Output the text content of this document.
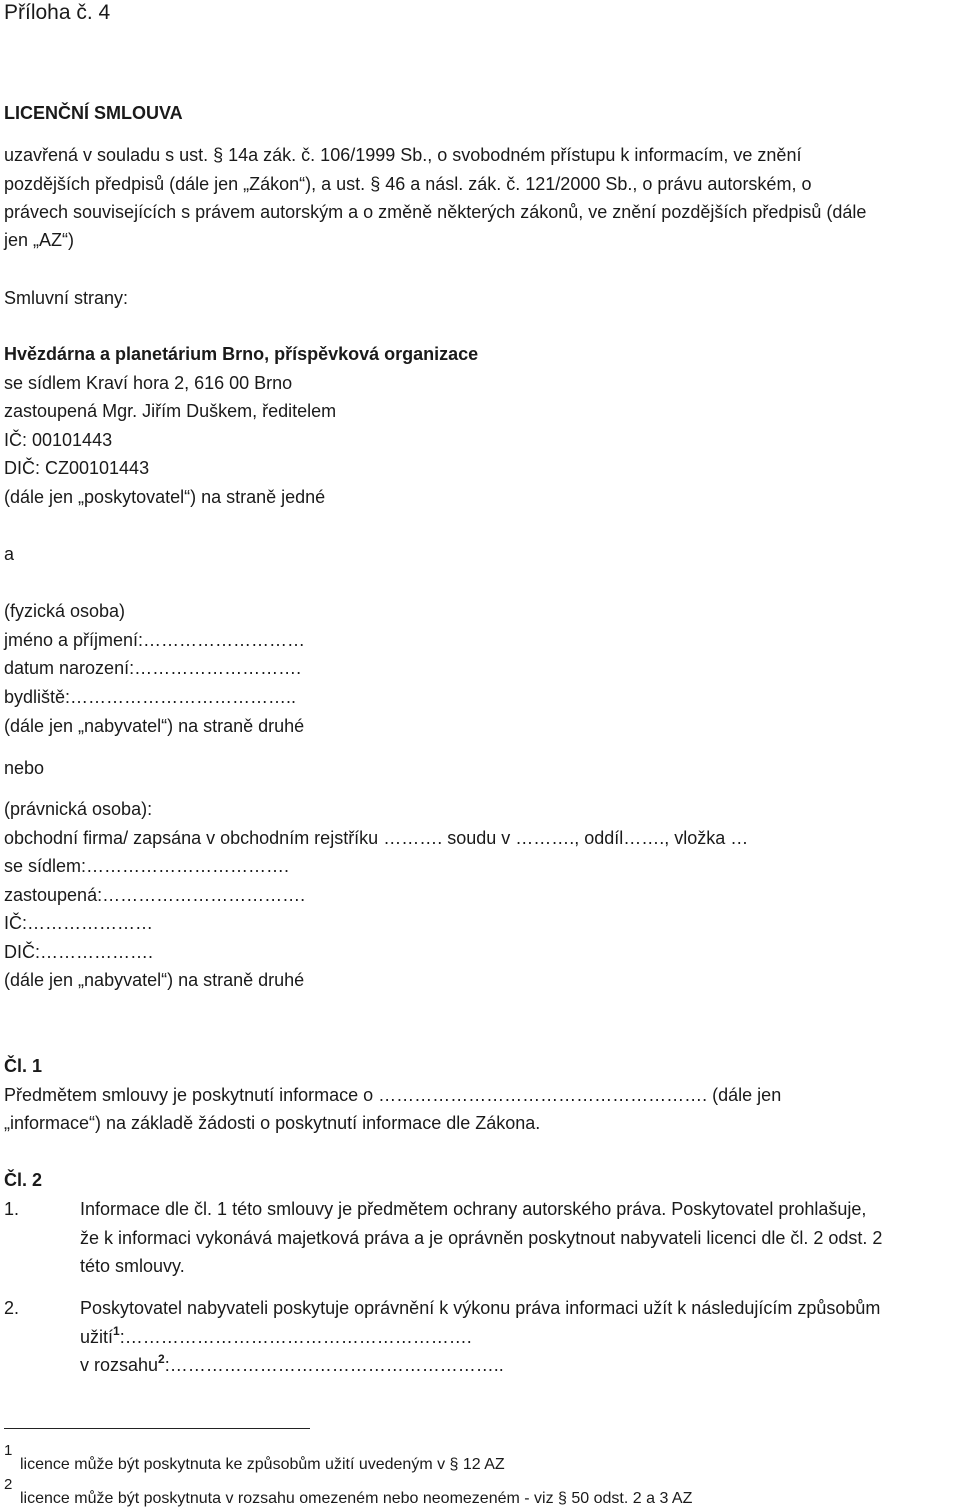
Příloha č. 4
LICENČNÍ SMLOUVA
uzavřená v souladu s ust. § 14a zák. č. 106/1999 Sb., o svobodném přístupu k informacím, ve znění
pozdějších předpisů (dále jen „Zákon“), a ust. § 46 a násl. zák. č. 121/2000 Sb., o právu autorském, o
právech souvisejících s právem autorským a o změně některých zákonů, ve znění pozdějších předpisů (dále
jen „AZ“)
Smluvní strany:
Hvězdárna a planetárium Brno, příspěvková organizace
se sídlem Kraví hora 2, 616 00 Brno
zastoupená Mgr. Jiřím Duškem, ředitelem
IČ: 00101443
DIČ: CZ00101443
(dále jen „poskytovatel“) na straně jedné
a
(fyzická osoba)
jméno a příjmení:………………………
datum narození:……………………….
bydliště:………………………………..
(dále jen „nabyvatel“) na straně druhé
nebo
(právnická osoba):
obchodní firma/ zapsána v obchodním rejstříku ………. soudu v ………., oddíl……., vložka …
se sídlem:…………………………….
zastoupená:…………………………….
IČ:…………………
DIČ:……………….
(dále jen „nabyvatel“) na straně druhé
Čl. 1
Předmětem smlouvy je poskytnutí informace o ………………………………………………. (dále jen
„informace“) na základě žádosti o poskytnutí informace dle Zákona.
Čl. 2
1.	Informace dle čl. 1 této smlouvy je předmětem ochrany autorského práva. Poskytovatel prohlašuje,
že k informaci vykonává majetková práva a je oprávněn poskytnout nabyvateli licenci dle čl. 2 odst. 2
této smlouvy.
2.	Poskytovatel nabyvateli poskytuje oprávnění k výkonu práva informaci užít k následujícím způsobům
užití$^1$:………………………………………………….
v rozsahu$^2$:………………………………………………..
1
licence může být poskytnuta ke způsobům užití uvedeným v § 12 AZ
2
licence může být poskytnuta v rozsahu omezeném nebo neomezeném - viz § 50 odst. 2 a 3 AZ
